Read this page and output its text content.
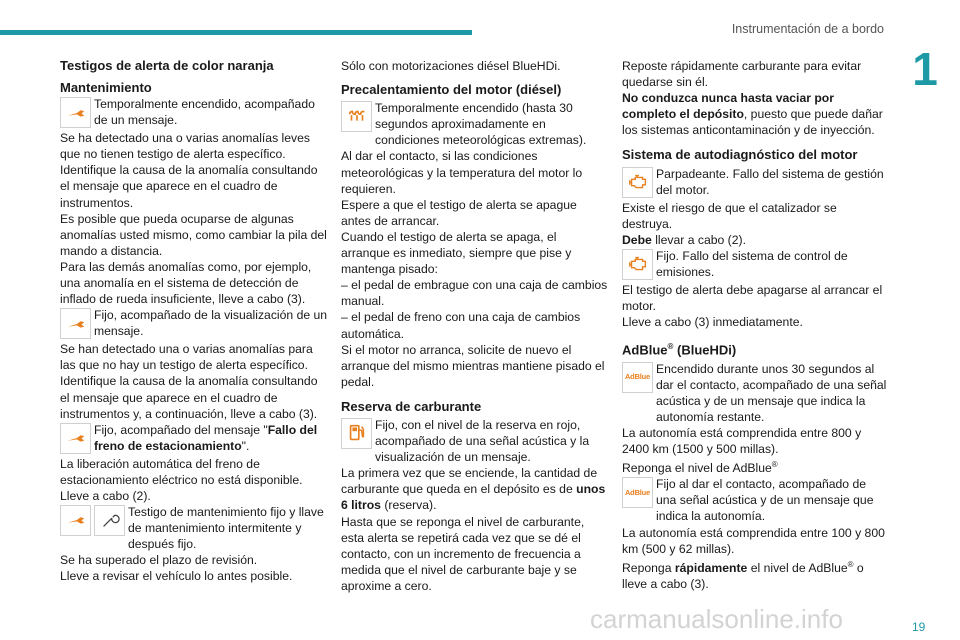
Instrumentación de a bordo
1

Testigos de alerta de color naranja

Mantenimiento

Temporalmente encendido, acompañado de un mensaje.

Se ha detectado una o varias anomalías leves que no tienen testigo de alerta específico.

Identifique la causa de la anomalía consultando el mensaje que aparece en el cuadro de instrumentos.

Es posible que pueda ocuparse de algunas anomalías usted mismo, como cambiar la pila del mando a distancia.

Para las demás anomalías como, por ejemplo, una anomalía en el sistema de detección de inflado de rueda insuficiente, lleve a cabo (3).

Fijo, acompañado de la visualización de un mensaje.

Se han detectado una o varias anomalías para las que no hay un testigo de alerta específico.

Identifique la causa de la anomalía consultando el mensaje que aparece en el cuadro de instrumentos y, a continuación, lleve a cabo (3).

Fijo, acompañado del mensaje "Fallo del freno de estacionamiento".

La liberación automática del freno de estacionamiento eléctrico no está disponible.

Lleve a cabo (2).

Testigo de mantenimiento fijo y llave de mantenimiento intermitente y después fijo.

Se ha superado el plazo de revisión.

Lleve a revisar el vehículo lo antes posible.

Sólo con motorizaciones diésel BlueHDi.

Precalentamiento del motor (diésel)

Temporalmente encendido (hasta 30 segundos aproximadamente en condiciones meteorológicas extremas).

Al dar el contacto, si las condiciones meteorológicas y la temperatura del motor lo requieren.

Espere a que el testigo de alerta se apague antes de arrancar.

Cuando el testigo de alerta se apaga, el arranque es inmediato, siempre que pise y mantenga pisado:

– el pedal de embrague con una caja de cambios manual.

– el pedal de freno con una caja de cambios automática.

Si el motor no arranca, solicite de nuevo el arranque del mismo mientras mantiene pisado el pedal.

Reserva de carburante

Fijo, con el nivel de la reserva en rojo, acompañado de una señal acústica y la visualización de un mensaje.

La primera vez que se enciende, la cantidad de carburante que queda en el depósito es de unos 6 litros (reserva).

Hasta que se reponga el nivel de carburante, esta alerta se repetirá cada vez que se dé el contacto, con un incremento de frecuencia a medida que el nivel de carburante baje y se aproxime a cero.

Reposte rápidamente carburante para evitar quedarse sin él.

No conduzca nunca hasta vaciar por completo el depósito, puesto que puede dañar los sistemas anticontaminación y de inyección.

Sistema de autodiagnóstico del motor

Parpadeante. Fallo del sistema de gestión del motor.

Existe el riesgo de que el catalizador se destruya.

Debe llevar a cabo (2).

Fijo. Fallo del sistema de control de emisiones.

El testigo de alerta debe apagarse al arrancar el motor.

Lleve a cabo (3) inmediatamente.

AdBlue® (BlueHDi)

AdBlue
Encendido durante unos 30 segundos al dar el contacto, acompañado de una señal acústica y de un mensaje que indica la autonomía restante.

La autonomía está comprendida entre 800 y 2400 km (1500 y 500 millas).

Reponga el nivel de AdBlue®

AdBlue
Fijo al dar el contacto, acompañado de una señal acústica y de un mensaje que indica la autonomía.

La autonomía está comprendida entre 100 y 800 km (500 y 62 millas).

Reponga rápidamente el nivel de AdBlue® o lleve a cabo (3).

carmanualsonline.info	19
